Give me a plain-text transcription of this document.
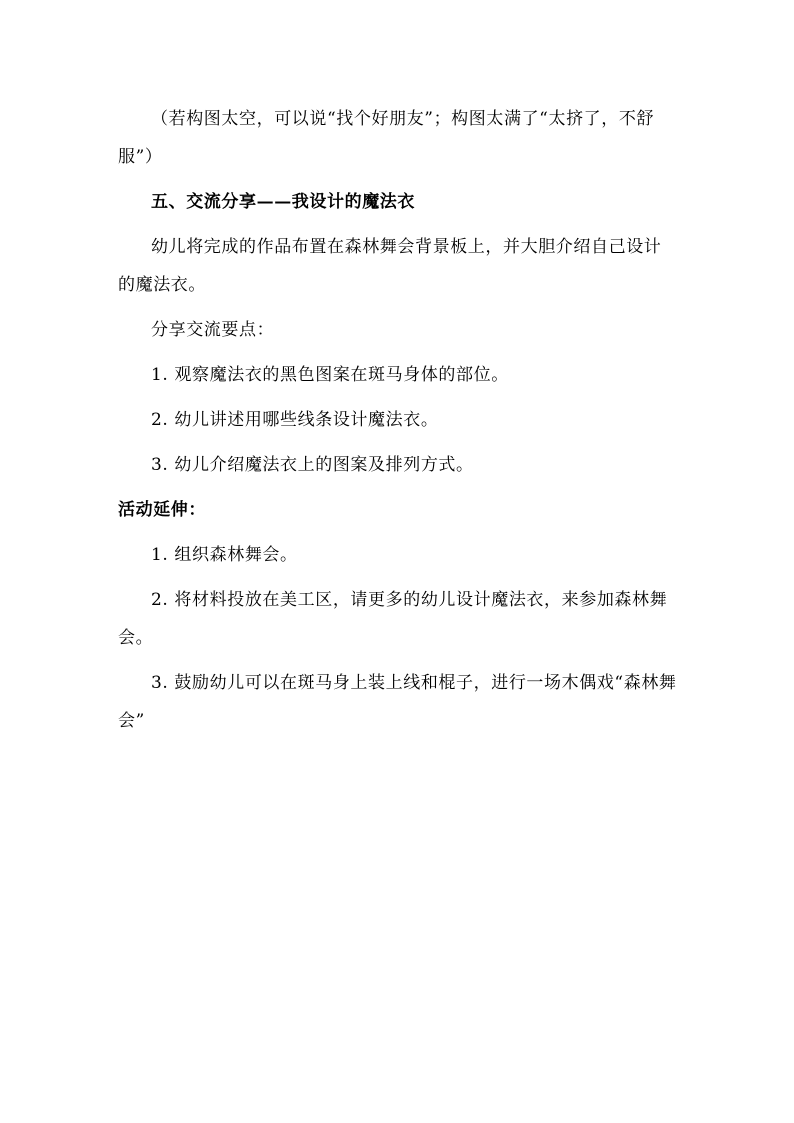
（若构图太空，可以说“找个好朋友”；构图太满了“太挤了，不舒服”）

五、交流分享——我设计的魔法衣

幼儿将完成的作品布置在森林舞会背景板上，并大胆介绍自己设计的魔法衣。

分享交流要点：

1. 观察魔法衣的黑色图案在斑马身体的部位。

2. 幼儿讲述用哪些线条设计魔法衣。

3. 幼儿介绍魔法衣上的图案及排列方式。

活动延伸：

1. 组织森林舞会。

2. 将材料投放在美工区，请更多的幼儿设计魔法衣，来参加森林舞会。

3. 鼓励幼儿可以在斑马身上装上线和棍子，进行一场木偶戏“森林舞会”
